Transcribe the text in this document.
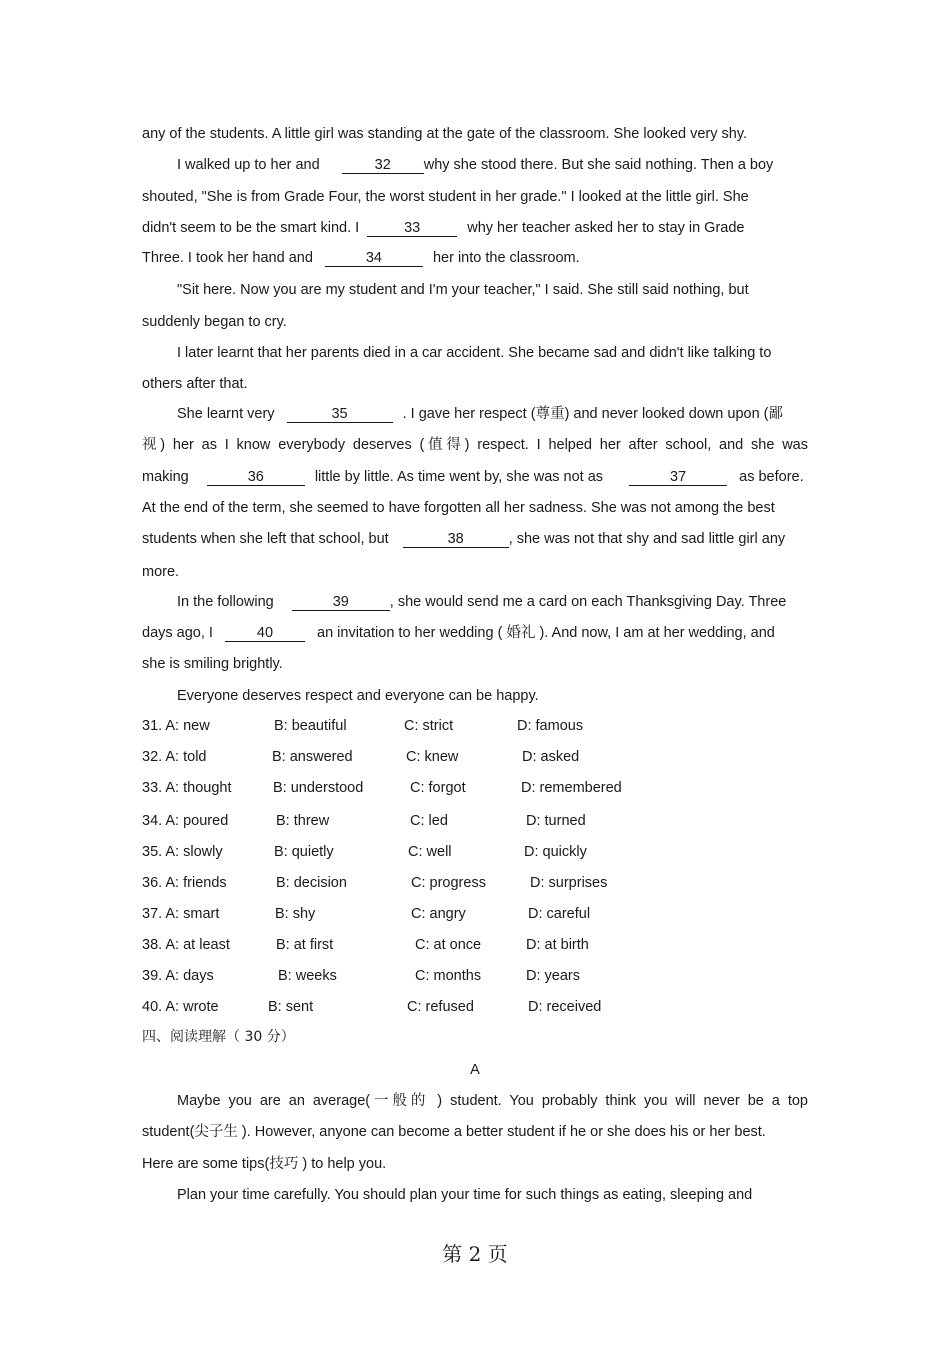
any of the students. A little girl was standing at the gate of the classroom. She looked very shy.
I walked up to her and	32 why she stood there. But she said nothing. Then a boy
shouted, "She is from Grade Four, the worst student in her grade." I looked at the little girl. She
didn't seem to be the smart kind. I	33	why her teacher asked her to stay in Grade
Three. I took her hand and	34	her into the classroom.
"Sit here. Now you are my student and I'm your teacher," I said. She still said nothing, but
suddenly began to cry.
I later learnt that her parents died in a car accident. She became sad and didn't like talking to
others after that.
She learnt very	35	. I gave her respect (尊重) and never looked down upon (鄙
视) her as I know everybody deserves (值得) respect. I helped her after school, and she was
making	36	little by little. As time went by, she was not as	37	as before.
At the end of the term, she seemed to have forgotten all her sadness. She was not among the best
students when she left that school, but	38	, she was not that shy and sad little girl any
more.
In the following	39	, she would send me a card on each Thanksgiving Day. Three
days ago, I	40	an invitation to her wedding ( 婚礼 ). And now, I am at her wedding, and
she is smiling brightly.
Everyone deserves respect and everyone can be happy.
31. A: new	B: beautiful	C: strict	D: famous
32. A: told	B: answered	C: knew	D: asked
33. A: thought	B: understood	C: forgot	D: remembered
34. A: poured	B: threw	C: led	D: turned
35. A: slowly	B: quietly	C: well	D: quickly
36. A: friends	B: decision	C: progress	D: surprises
37. A: smart	B: shy	C: angry	D: careful
38. A: at least	B: at first	C: at once	D: at birth
39. A: days	B: weeks	C: months	D: years
40. A: wrote	B: sent	C: refused	D: received
四、阅读理解（ 30 分）
A
Maybe you are an average(一般的 ) student. You probably think you will never be a top
student(尖子生 ). However, anyone can become a better student if he or she does his or her best.
Here are some tips(技巧 ) to help you.
Plan your time carefully. You should plan your time for such things as eating, sleeping and
第 2 页
